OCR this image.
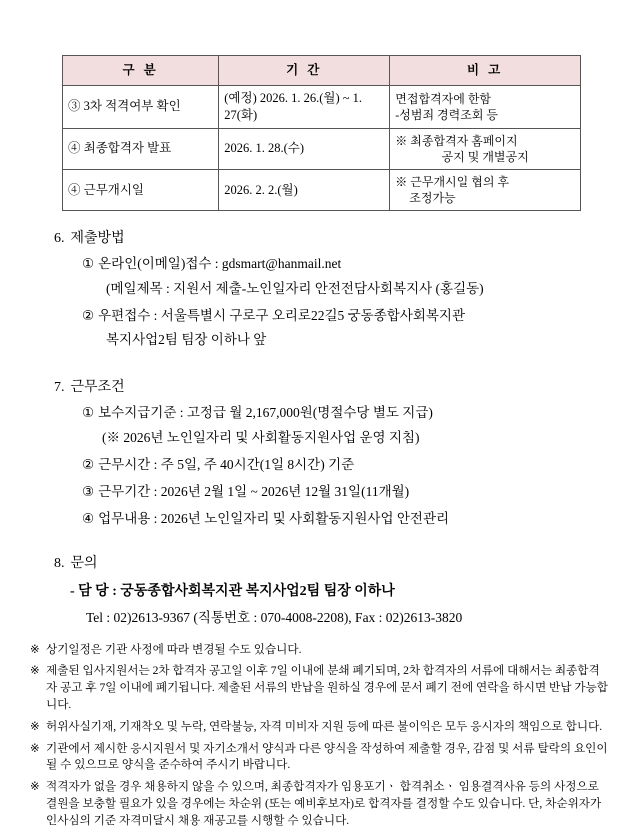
구 분	기 간	비 고
③ 3차 적격여부 확인	(예정) 2026. 1. 26.(월) ~ 1. 27(화)	면접합격자에 한함
-성범죄 경력조회 등

④ 최종합격자 발표	2026. 1. 28.(수)	※ 최종합격자 홈페이지
공지 및 개별공지

④ 근무개시일	2026. 2. 2.(월)	※ 근무개시일 협의 후
조정가능
6. 제출방법
① 온라인(이메일)접수 : gdsmart@hanmail.net
(메일제목 : 지원서 제출-노인일자리 안전전담사회복지사 (홍길동)
② 우편접수 : 서울특별시 구로구 오리로22길5 궁동종합사회복지관
복지사업2팀 팀장 이하나 앞
7. 근무조건
① 보수지급기준 : 고정급 월 2,167,000원(명절수당 별도 지급)
(※ 2026년 노인일자리 및 사회활동지원사업 운영 지침)
② 근무시간 : 주 5일, 주 40시간(1일 8시간) 기준
③ 근무기간 : 2026년 2월 1일 ~ 2026년 12월 31일(11개월)
④ 업무내용 : 2026년 노인일자리 및 사회활동지원사업 안전관리
8. 문의
- 담 당 : 궁동종합사회복지관 복지사업2팀 팀장 이하나
Tel : 02)2613-9367 (직통번호 : 070-4008-2208), Fax : 02)2613-3820
※ 상기일정은 기관 사정에 따라 변경될 수도 있습니다.

※ 제출된 입사지원서는 2차 합격자 공고일 이후 7일 이내에 분쇄 폐기되며, 2차 합격자의 서류에 대해서는 최종합격자 공고 후 7일 이내에 폐기됩니다. 제출된 서류의 반납을 원하실 경우에 문서 폐기 전에 연락을 하시면 반납 가능합니다.

※ 허위사실기재, 기재착오 및 누락, 연락불능, 자격 미비자 지원 등에 따른 불이익은 모두 응시자의 책임으로 합니다.

※ 기관에서 제시한 응시지원서 및 자기소개서 양식과 다른 양식을 작성하여 제출할 경우, 감점 및 서류 탈락의 요인이 될 수 있으므로 양식을 준수하여 주시기 바랍니다.

※ 적격자가 없을 경우 채용하지 않을 수 있으며, 최종합격자가 임용포기ㆍ 합격취소ㆍ 임용결격사유 등의 사정으로 결원을 보충할 필요가 있을 경우에는 차순위 (또는 예비후보자)로 합격자를 결정할 수도 있습니다. 단, 차순위자가 인사심의 기준 자격미달시 채용 재공고를 시행할 수 있습니다.
